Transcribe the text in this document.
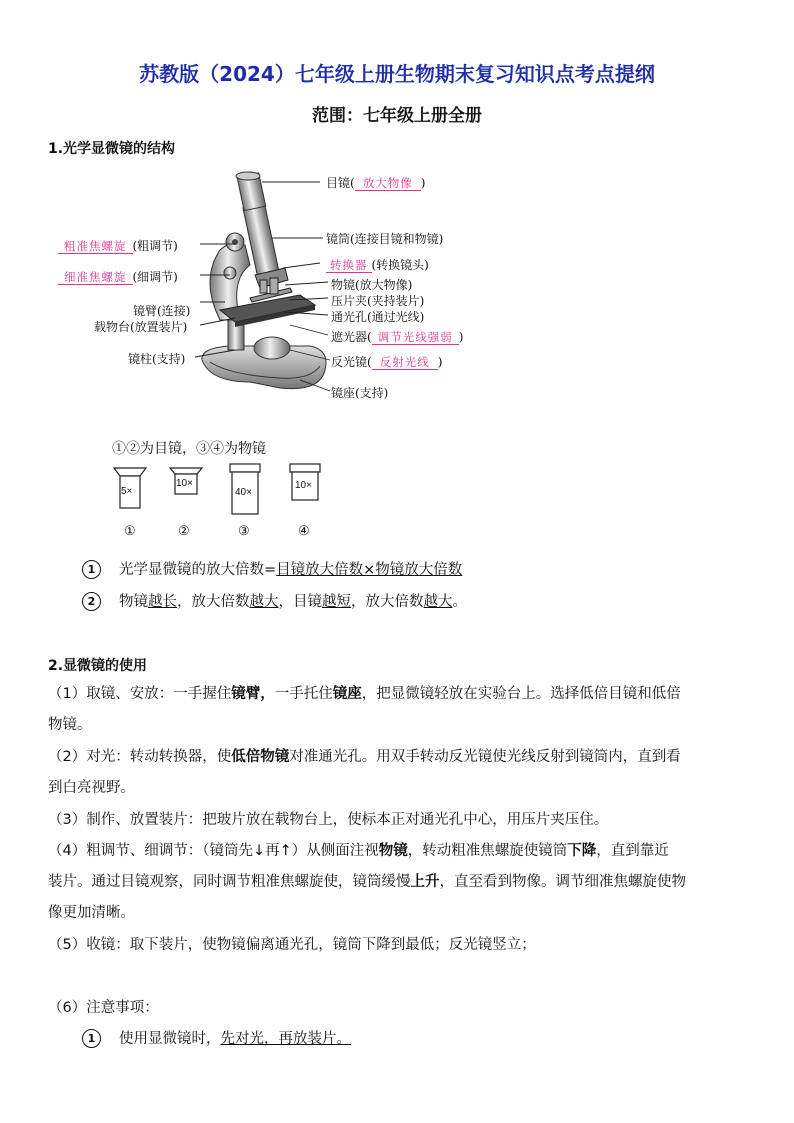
苏教版（2024）七年级上册生物期末复习知识点考点提纲
范围：七年级上册全册
1.光学显微镜的结构
目镜( 放大物像 )
镜筒(连接目镜和物镜)
转换器 (转换镜头)
物镜(放大物像)
压片夹(夹持装片)
通光孔(通过光线)
遮光器( 调节光线强弱 )
反光镜( 反射光线 )
镜座(支持)
粗准焦螺旋 (粗调节)
细准焦螺旋 (细调节)
镜臂(连接)
载物台(放置装片)
镜柱(支持)
①②为目镜，③④为物镜
5×
10×
40×
10×
①	②	③	④
1 光学显微镜的放大倍数=目镜放大倍数×物镜放大倍数
2 物镜越长，放大倍数越大，目镜越短，放大倍数越大。
2.显微镜的使用
（1）取镜、安放：一手握住镜臂，一手托住镜座，把显微镜轻放在实验台上。选择低倍目镜和低倍
物镜。
（2）对光：转动转换器，使低倍物镜对准通光孔。用双手转动反光镜使光线反射到镜筒内，直到看
到白亮视野。
（3）制作、放置装片：把玻片放在载物台上，使标本正对通光孔中心，用压片夹压住。
（4）粗调节、细调节：（镜筒先↓再↑）从侧面注视物镜，转动粗准焦螺旋使镜筒下降，直到靠近
装片。通过目镜观察，同时调节粗准焦螺旋使，镜筒缓慢上升，直至看到物像。调节细准焦螺旋使物
像更加清晰。
（5）收镜：取下装片，使物镜偏离通光孔，镜筒下降到最低；反光镜竖立；
（6）注意事项：
1 使用显微镜时，先对光，再放装片。
